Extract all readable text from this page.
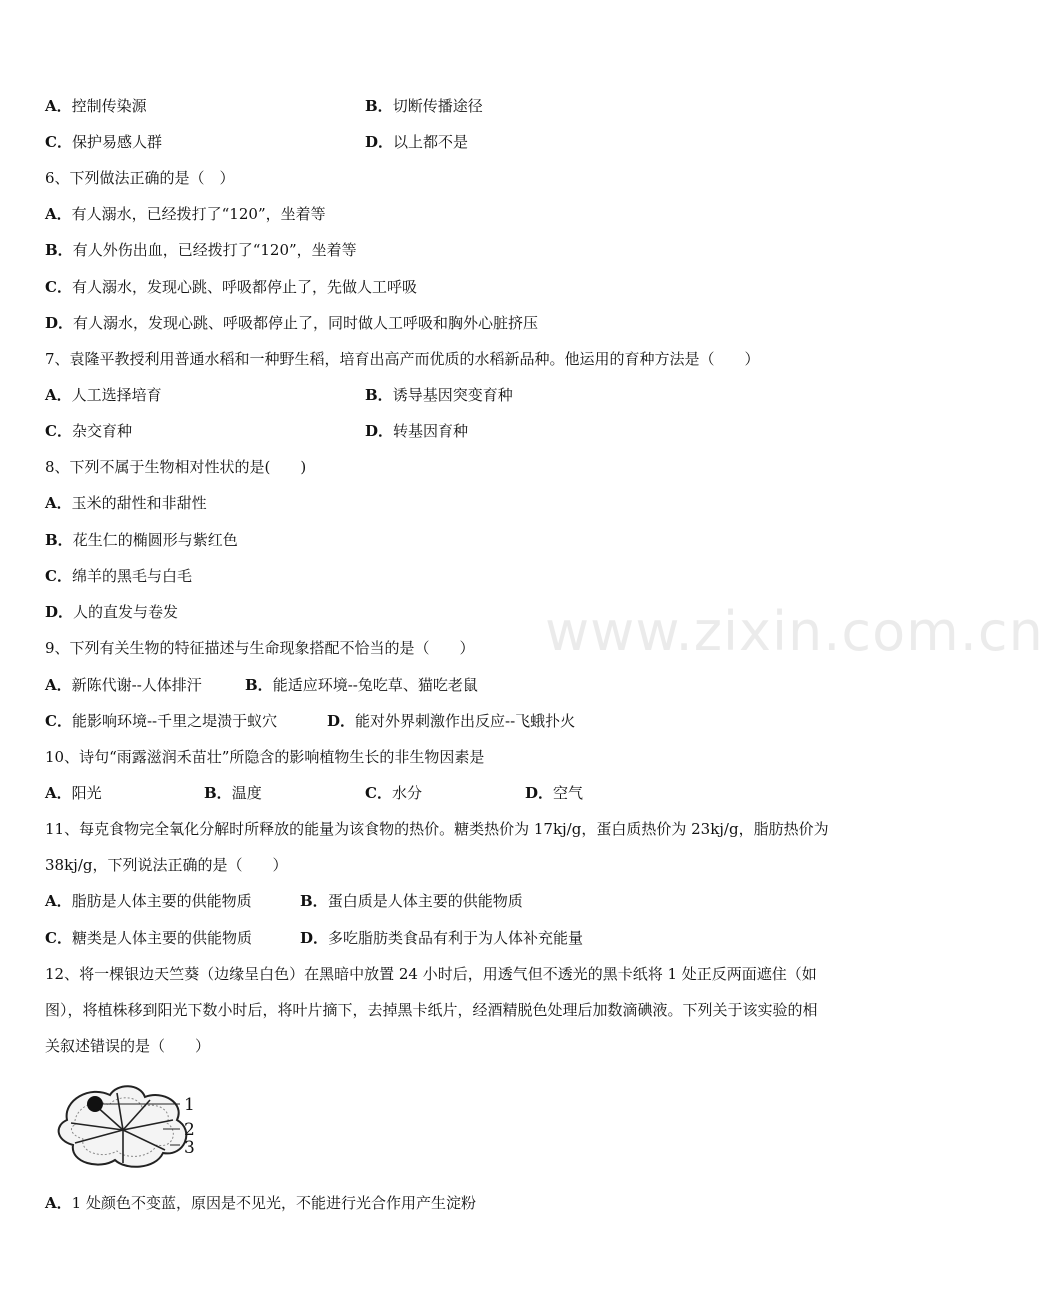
www.zixin.com.cn
A．控制传染源	B．切断传播途径
C．保护易感人群	D．以上都不是
6、下列做法正确的是（　）
A．有人溺水，已经拨打了“120”，坐着等
B．有人外伤出血，已经拨打了“120”，坐着等
C．有人溺水，发现心跳、呼吸都停止了，先做人工呼吸
D．有人溺水，发现心跳、呼吸都停止了，同时做人工呼吸和胸外心脏挤压
7、袁隆平教授利用普通水稻和一种野生稻，培育出高产而优质的水稻新品种。他运用的育种方法是（　　）
A．人工选择培育	B．诱导基因突变育种
C．杂交育种	D．转基因育种
8、下列不属于生物相对性状的是(　　)
A．玉米的甜性和非甜性
B．花生仁的椭圆形与紫红色
C．绵羊的黑毛与白毛
D．人的直发与卷发
9、下列有关生物的特征描述与生命现象搭配不恰当的是（　　）
A．新陈代谢--人体排汗	B．能适应环境--兔吃草、猫吃老鼠
C．能影响环境--千里之堤溃于蚁穴	D．能对外界刺激作出反应--飞蛾扑火
10、诗句“雨露滋润禾苗壮”所隐含的影响植物生长的非生物因素是
A．阳光	B．温度	C．水分	D．空气
11、每克食物完全氧化分解时所释放的能量为该食物的热价。糖类热价为 17kj/g，蛋白质热价为 23kj/g，脂肪热价为
38kj/g，下列说法正确的是（　　）
A．脂肪是人体主要的供能物质	B．蛋白质是人体主要的供能物质
C．糖类是人体主要的供能物质	D．多吃脂肪类食品有利于为人体补充能量
12、将一棵银边天竺葵（边缘呈白色）在黑暗中放置 24 小时后，用透气但不透光的黑卡纸将 1 处正反两面遮住（如
图），将植株移到阳光下数小时后，将叶片摘下，去掉黑卡纸片，经酒精脱色处理后加数滴碘液。下列关于该实验的相
关叙述错误的是（　　）
1
2
3
A．1 处颜色不变蓝，原因是不见光，不能进行光合作用产生淀粉
